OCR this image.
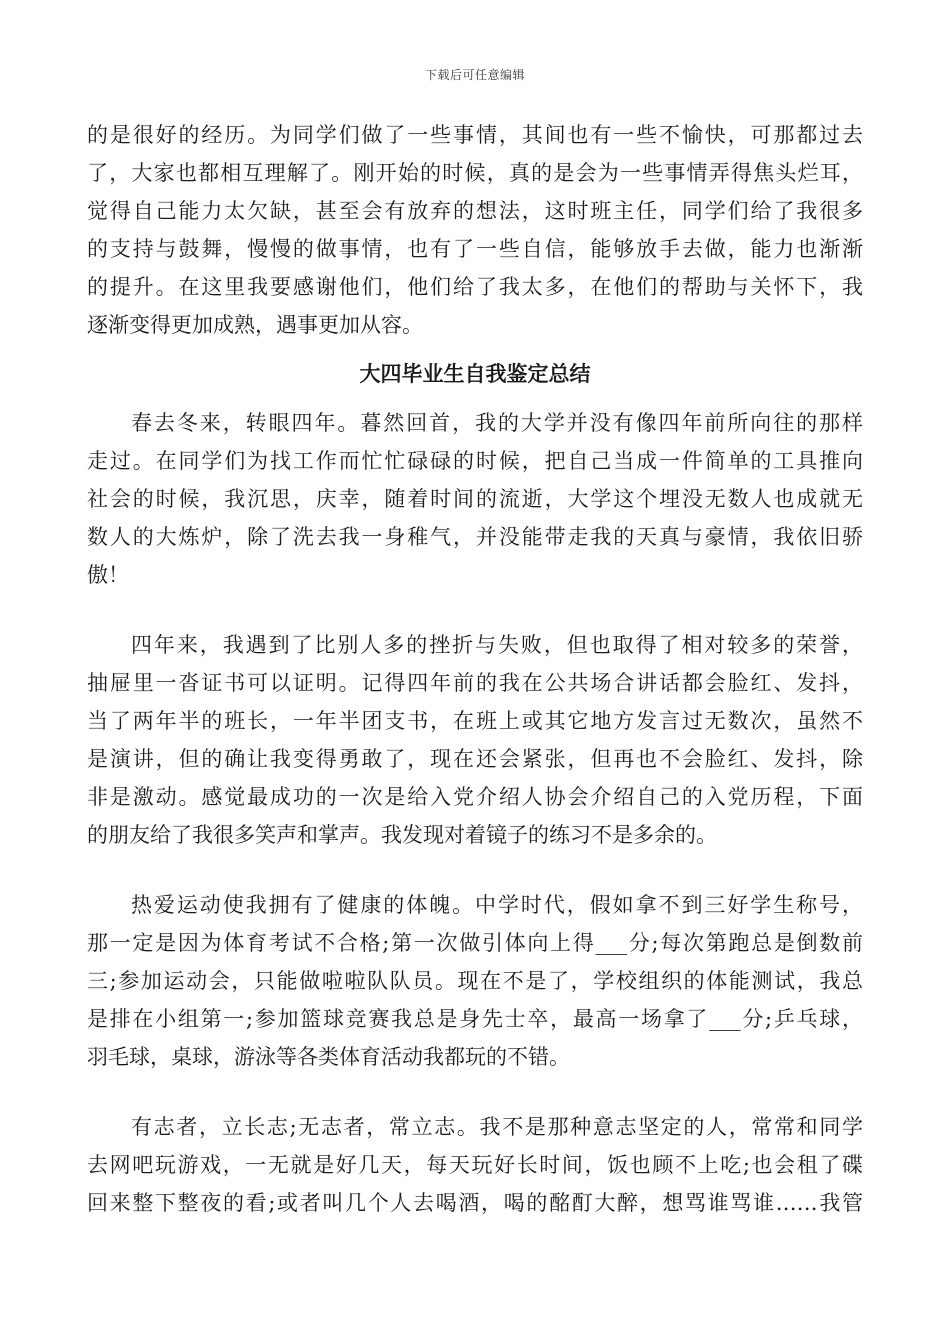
下载后可任意编辑
的是很好的经历。为同学们做了一些事情，其间也有一些不愉快，可那都过去
了，大家也都相互理解了。刚开始的时候，真的是会为一些事情弄得焦头烂耳，
觉得自己能力太欠缺，甚至会有放弃的想法，这时班主任，同学们给了我很多
的支持与鼓舞，慢慢的做事情，也有了一些自信，能够放手去做，能力也渐渐
的提升。在这里我要感谢他们，他们给了我太多，在他们的帮助与关怀下，我
逐渐变得更加成熟，遇事更加从容。
大四毕业生自我鉴定总结
春去冬来，转眼四年。暮然回首，我的大学并没有像四年前所向往的那样
走过。在同学们为找工作而忙忙碌碌的时候，把自己当成一件简单的工具推向
社会的时候，我沉思，庆幸，随着时间的流逝，大学这个埋没无数人也成就无
数人的大炼炉，除了洗去我一身稚气，并没能带走我的天真与豪情，我依旧骄
傲！
四年来，我遇到了比别人多的挫折与失败，但也取得了相对较多的荣誉，
抽屉里一沓证书可以证明。记得四年前的我在公共场合讲话都会脸红、发抖，
当了两年半的班长，一年半团支书，在班上或其它地方发言过无数次，虽然不
是演讲，但的确让我变得勇敢了，现在还会紧张，但再也不会脸红、发抖，除
非是激动。感觉最成功的一次是给入党介绍人协会介绍自己的入党历程，下面
的朋友给了我很多笑声和掌声。我发现对着镜子的练习不是多余的。
热爱运动使我拥有了健康的体魄。中学时代，假如拿不到三好学生称号，
那一定是因为体育考试不合格;第一次做引体向上得___分;每次第跑总是倒数前
三;参加运动会，只能做啦啦队队员。现在不是了，学校组织的体能测试，我总
是排在小组第一;参加篮球竞赛我总是身先士卒，最高一场拿了___分;乒乓球，
羽毛球，桌球，游泳等各类体育活动我都玩的不错。
有志者，立长志;无志者，常立志。我不是那种意志坚定的人，常常和同学
去网吧玩游戏，一无就是好几天，每天玩好长时间，饭也顾不上吃;也会租了碟
回来整下整夜的看;或者叫几个人去喝酒，喝的酩酊大醉，想骂谁骂谁……我管
